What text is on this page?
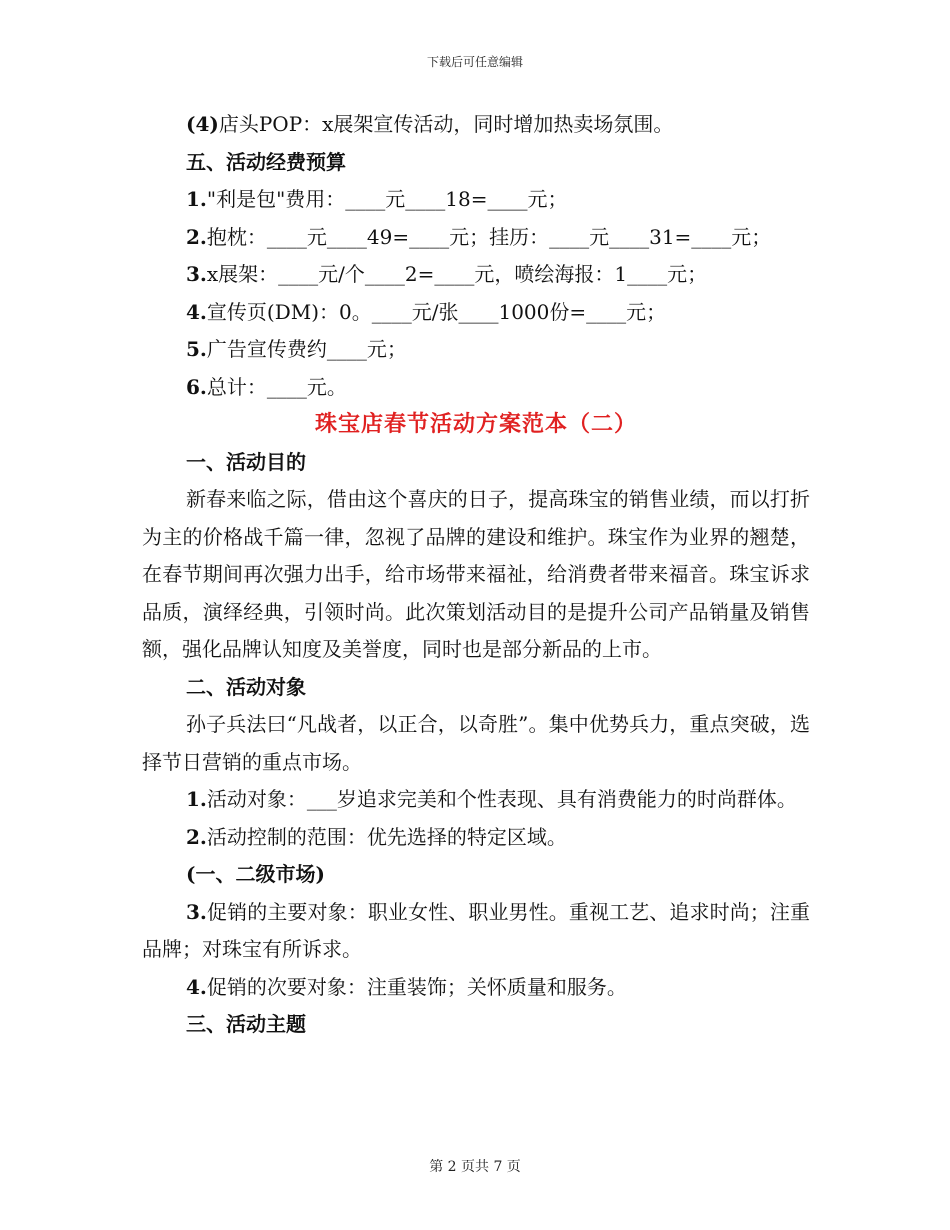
下载后可任意编辑
(4)店头POP：x展架宣传活动，同时增加热卖场氛围。
五、活动经费预算
1."利是包"费用：____元____18=____元；
2.抱枕：____元____49=____元；挂历：____元____31=____元；
3.x展架：____元/个____2=____元，喷绘海报：1____元；
4.宣传页(DM)：0。____元/张____1000份=____元；
5.广告宣传费约____元；
6.总计：____元。
珠宝店春节活动方案范本（二）
一、活动目的
新春来临之际，借由这个喜庆的日子，提高珠宝的销售业绩，而以打折为主的价格战千篇一律，忽视了品牌的建设和维护。珠宝作为业界的翘楚，在春节期间再次强力出手，给市场带来福祉，给消费者带来福音。珠宝诉求品质，演绎经典，引领时尚。此次策划活动目的是提升公司产品销量及销售额，强化品牌认知度及美誉度，同时也是部分新品的上市。
二、活动对象
孙子兵法曰“凡战者，以正合，以奇胜”。集中优势兵力，重点突破，选择节日营销的重点市场。
1.活动对象：___岁追求完美和个性表现、具有消费能力的时尚群体。
2.活动控制的范围：优先选择的特定区域。
(一、二级市场)
3.促销的主要对象：职业女性、职业男性。重视工艺、追求时尚；注重品牌；对珠宝有所诉求。
4.促销的次要对象：注重装饰；关怀质量和服务。
三、活动主题
第 2 页共 7 页
